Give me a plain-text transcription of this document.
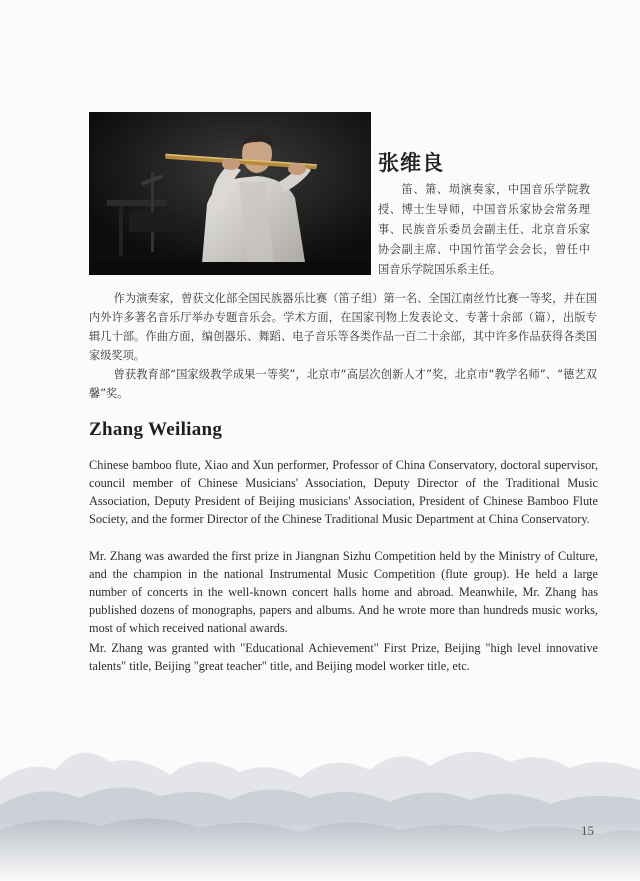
张维良
笛、箫、埙演奏家，中国音乐学院教授、博士生导师，中国音乐家协会常务理事、民族音乐委员会副主任、北京音乐家协会副主席、中国竹笛学会会长，曾任中国音乐学院国乐系主任。

作为演奏家，曾获文化部全国民族器乐比赛（笛子组）第一名、全国江南丝竹比赛一等奖，并在国内外许多著名音乐厅举办专题音乐会。学术方面，在国家刊物上发表论文、专著十余部（篇），出版专辑几十部。作曲方面，编创器乐、舞蹈、电子音乐等各类作品一百二十余部，其中许多作品获得各类国家级奖项。

曾获教育部“国家级教学成果一等奖”，北京市“高层次创新人才”奖，北京市“教学名师”、“德艺双馨”奖。

Zhang Weiliang

Chinese bamboo flute, Xiao and Xun performer, Professor of China Conservatory, doctoral supervisor, council member of Chinese Musicians' Association, Deputy Director of the Traditional Music Association, Deputy President of Beijing musicians' Association, President of Chinese Bamboo Flute Society, and the former Director of the Chinese Traditional Music Department at China Conservatory.

Mr. Zhang was awarded the first prize in Jiangnan Sizhu Competition held by the Ministry of Culture, and the champion in the national Instrumental Music Competition (flute group). He held a large number of concerts in the well-known concert halls home and abroad. Meanwhile, Mr. Zhang has published dozens of monographs, papers and albums. And he wrote more than hundreds music works, most of which received national awards.

Mr. Zhang was granted with "Educational Achievement" First Prize, Beijing "high level innovative talents" title, Beijing "great teacher" title, and Beijing model worker title, etc.

15
